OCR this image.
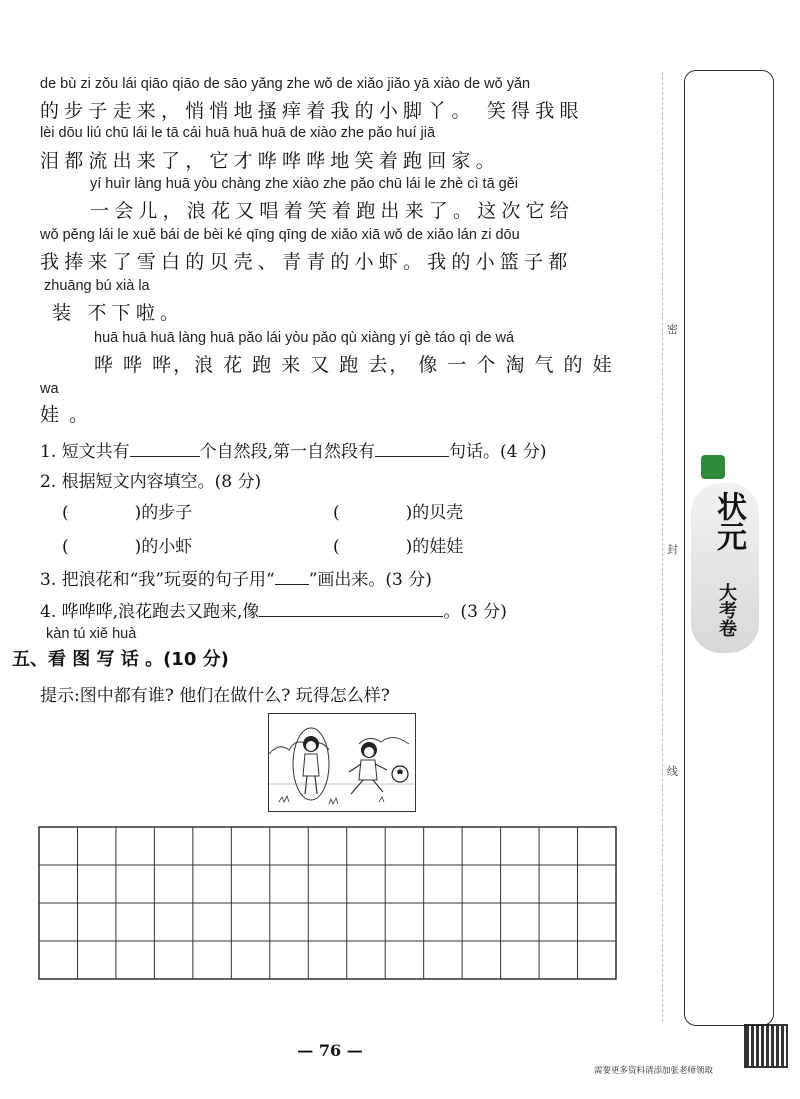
de bù zi zǒu lái qiāo qiāo de sāo yǎng zhe wǒ de xiǎo jiǎo yā xiào de wǒ yǎn
的步子走来，悄悄地搔痒着我的小脚丫。 笑得我眼
lèi dōu liú chū lái le tā cái huā huā huā de xiào zhe pǎo huí jiā
泪都流出来了，它才哗哗哗地笑着跑回家。
yí huìr làng huā yòu chàng zhe xiào zhe pǎo chū lái le zhè cì tā gěi
一会儿，浪花又唱着笑着跑出来了。这次它给
wǒ pěng lái le xuě bái de bèi ké qīng qīng de xiǎo xiā wǒ de xiǎo lán zi dōu
我捧来了雪白的贝壳、青青的小虾。我的小篮子都
zhuāng bú xià la
装 不下啦。
huā huā huā làng huā pǎo lái yòu pǎo qù xiàng yí gè táo qì de wá
哗 哗 哗，浪 花 跑 来 又 跑 去， 像 一 个 淘 气 的 娃
wa
娃 。
1. 短文共有	个自然段,第一自然段有	句话。(4 分)
2. 根据短文内容填空。(8 分)
(	)的步子	(	)的贝壳
(	)的小虾	(	)的娃娃
3. 把浪花和“我”玩耍的句子用“ ”画出来。(3 分)
4. 哗哗哗,浪花跑去又跑来,像	。(3 分)
kàn tú xiě huà
五、看 图 写 话 。(10 分)
提示:图中都有谁? 他们在做什么? 玩得怎么样?
密
封
线
状元
大考卷
— 76 —
需要更多资料请添加张老师领取
